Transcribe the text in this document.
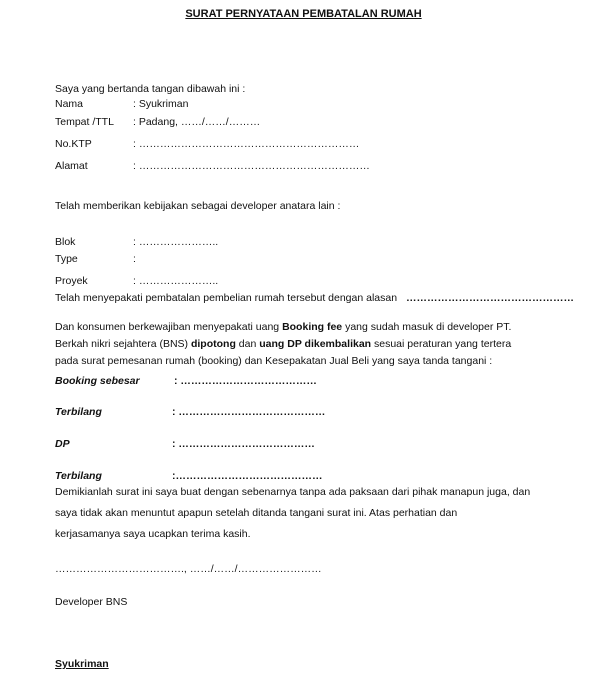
SURAT PERNYATAAN PEMBATALAN RUMAH
Saya yang bertanda tangan dibawah ini :
Nama	: Syukriman
Tempat /TTL : Padang, ……/……/………
No.KTP	: ………………………………………………………
Alamat	: …………………………………………………………
Telah memberikan kebijakan sebagai developer anatara lain :
Blok	: …………………..
Type	:
Proyek	: …………………..
Telah menyepakati pembatalan pembelian rumah tersebut dengan alasan …………………………………………
Dan konsumen berkewajiban menyepakati uang Booking fee yang sudah masuk di developer PT.
Berkah nikri sejahtera (BNS) dipotong dan uang DP dikembalikan sesuai peraturan yang tertera
pada surat pemesanan rumah (booking) dan Kesepakatan Jual Beli yang saya tanda tangani :
Booking sebesar	: …………………………………
Terbilang	: ……………………………………
DP	: …………………………………
Terbilang	:……………………………………
Demikianlah surat ini saya buat dengan sebenarnya tanpa ada paksaan dari pihak manapun juga, dan
saya tidak akan menuntut apapun setelah ditanda tangani surat ini. Atas perhatian dan
kerjasamanya saya ucapkan terima kasih.
………………………………., ……/……/……………………
Developer BNS
Syukriman
